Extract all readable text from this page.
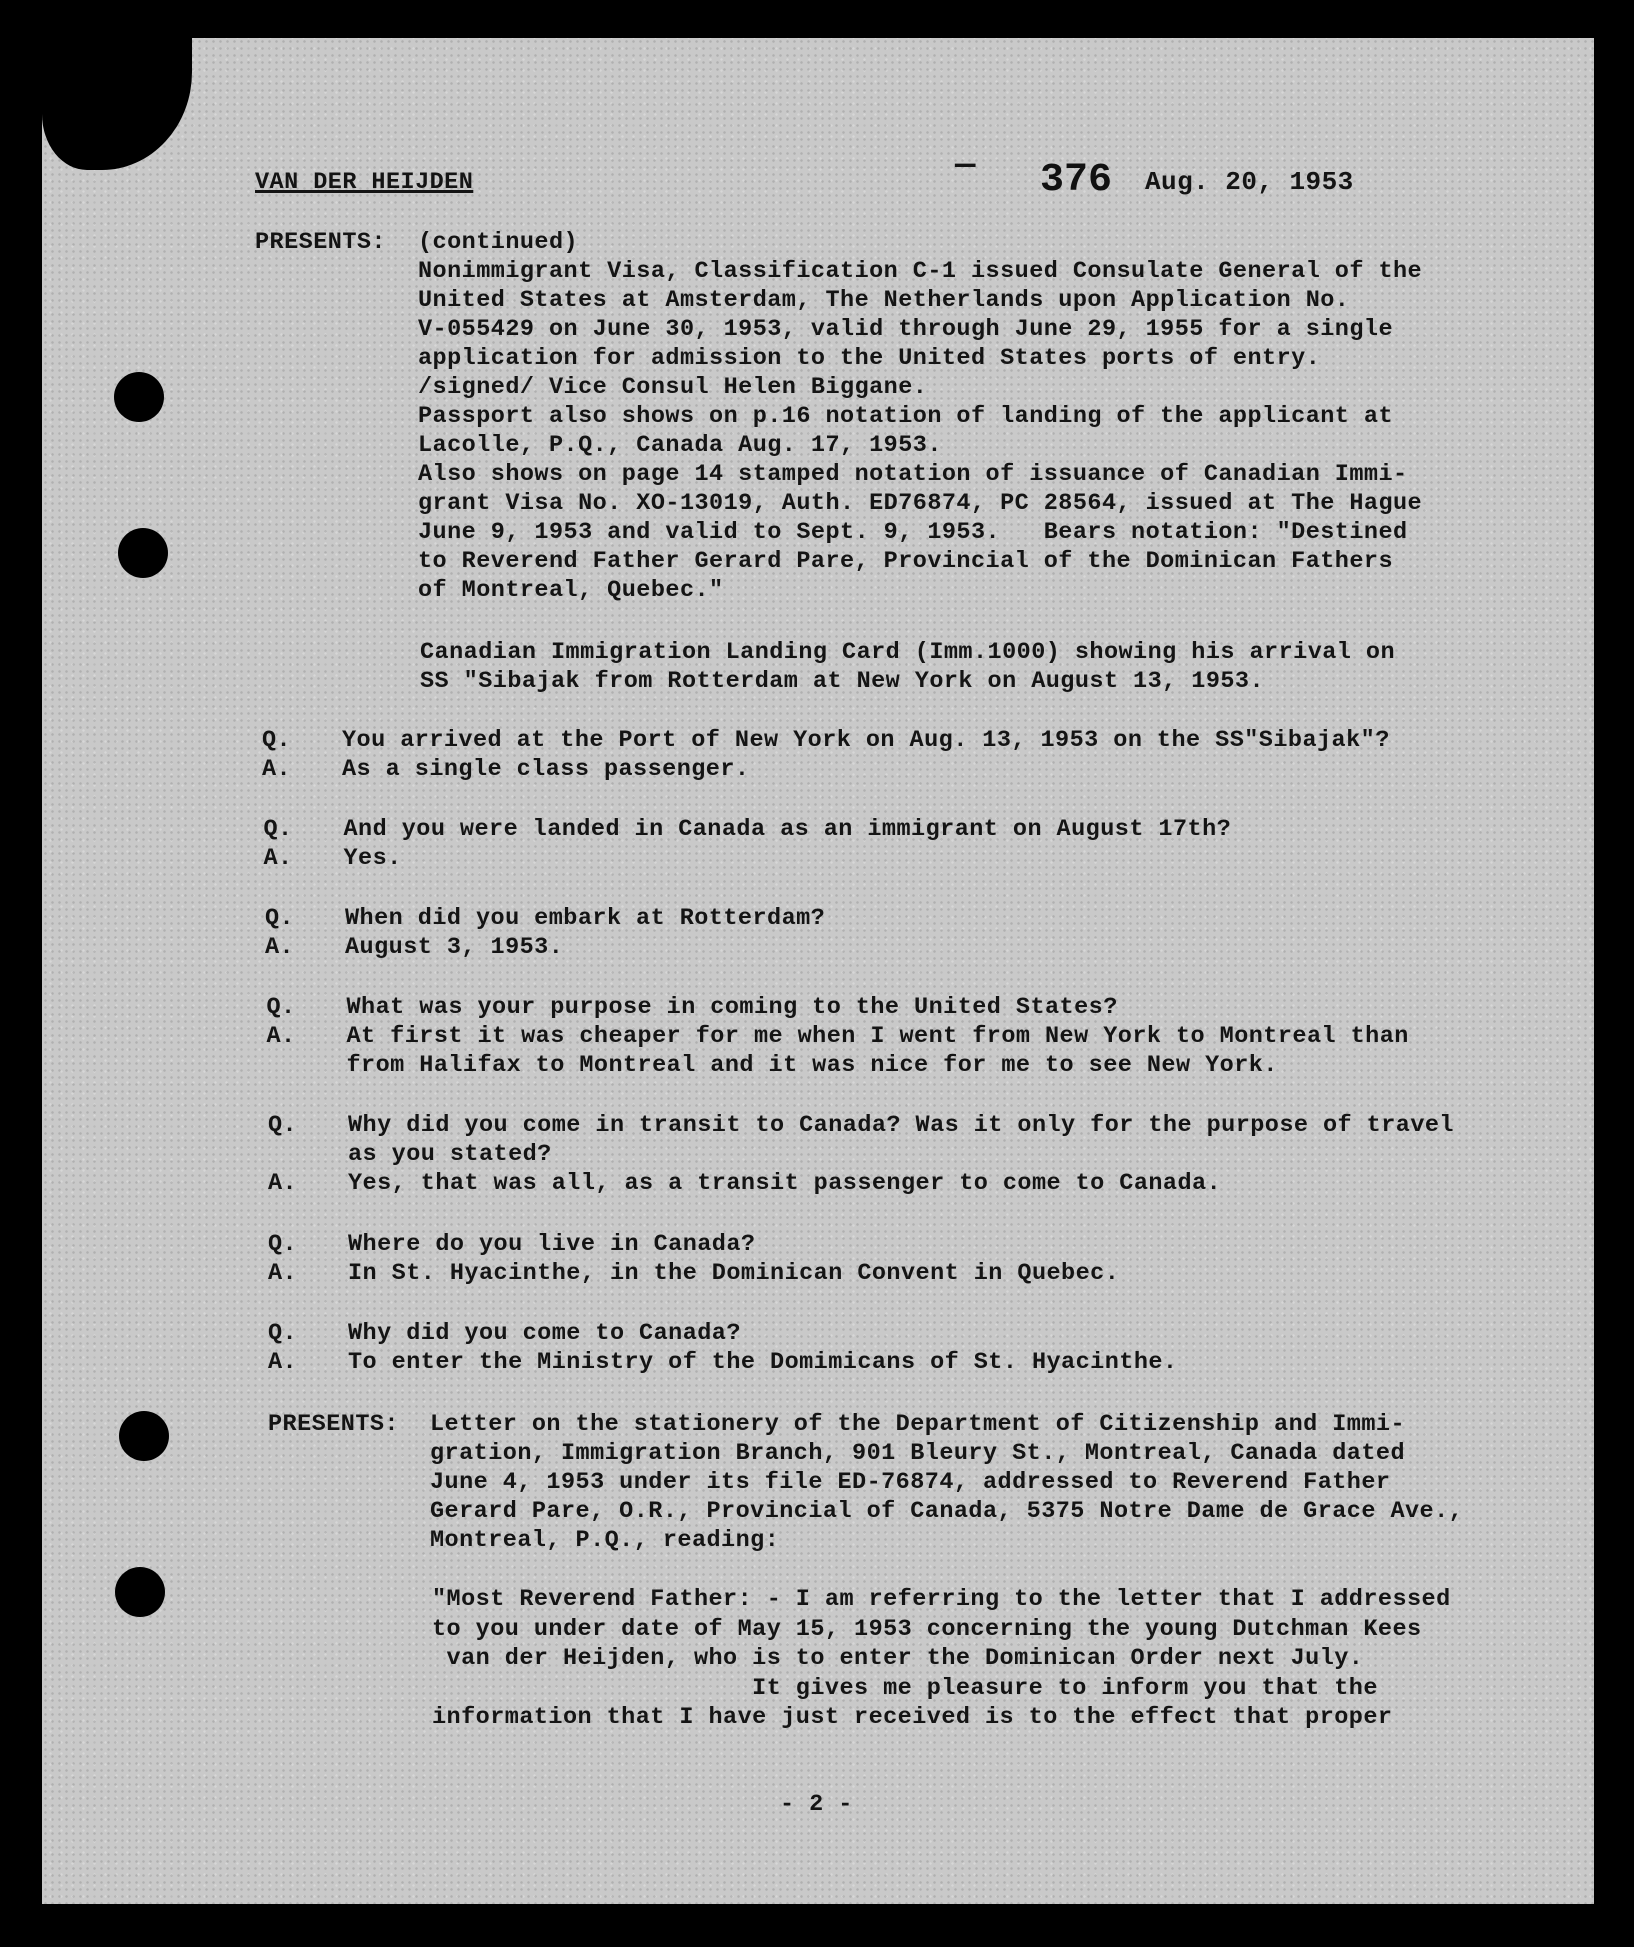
VAN DER HEIJDEN	— 376 Aug. 20, 1953
PRESENTS: (continued)
Nonimmigrant Visa, Classification C-1 issued Consulate General of the
United States at Amsterdam, The Netherlands upon Application No.
V-055429 on June 30, 1953, valid through June 29, 1955 for a single
application for admission to the United States ports of entry.
/signed/ Vice Consul Helen Biggane.
Passport also shows on p.16 notation of landing of the applicant at
Lacolle, P.Q., Canada Aug. 17, 1953.
Also shows on page 14 stamped notation of issuance of Canadian Immi-
grant Visa No. XO-13019, Auth. ED76874, PC 28564, issued at The Hague
June 9, 1953 and valid to Sept. 9, 1953.   Bears notation: "Destined
to Reverend Father Gerard Pare, Provincial of the Dominican Fathers
of Montreal, Quebec."
Canadian Immigration Landing Card (Imm.1000) showing his arrival on
SS "Sibajak from Rotterdam at New York on August 13, 1953.
Q. You arrived at the Port of New York on Aug. 13, 1953 on the SS"Sibajak"?
A. As a single class passenger.
Q. And you were landed in Canada as an immigrant on August 17th?
A. Yes.
Q. When did you embark at Rotterdam?
A. August 3, 1953.
Q. What was your purpose in coming to the United States?
A. At first it was cheaper for me when I went from New York to Montreal than
from Halifax to Montreal and it was nice for me to see New York.
Q. Why did you come in transit to Canada? Was it only for the purpose of travel
as you stated?
A. Yes, that was all, as a transit passenger to come to Canada.
Q. Where do you live in Canada?
A. In St. Hyacinthe, in the Dominican Convent in Quebec.
Q. Why did you come to Canada?
A. To enter the Ministry of the Domimicans of St. Hyacinthe.
PRESENTS: Letter on the stationery of the Department of Citizenship and Immi-
gration, Immigration Branch, 901 Bleury St., Montreal, Canada dated
June 4, 1953 under its file ED-76874, addressed to Reverend Father
Gerard Pare, O.R., Provincial of Canada, 5375 Notre Dame de Grace Ave.,
Montreal, P.Q., reading:
"Most Reverend Father: - I am referring to the letter that I addressed
to you under date of May 15, 1953 concerning the young Dutchman Kees
van der Heijden, who is to enter the Dominican Order next July.
It gives me pleasure to inform you that the
information that I have just received is to the effect that proper
- 2 -
